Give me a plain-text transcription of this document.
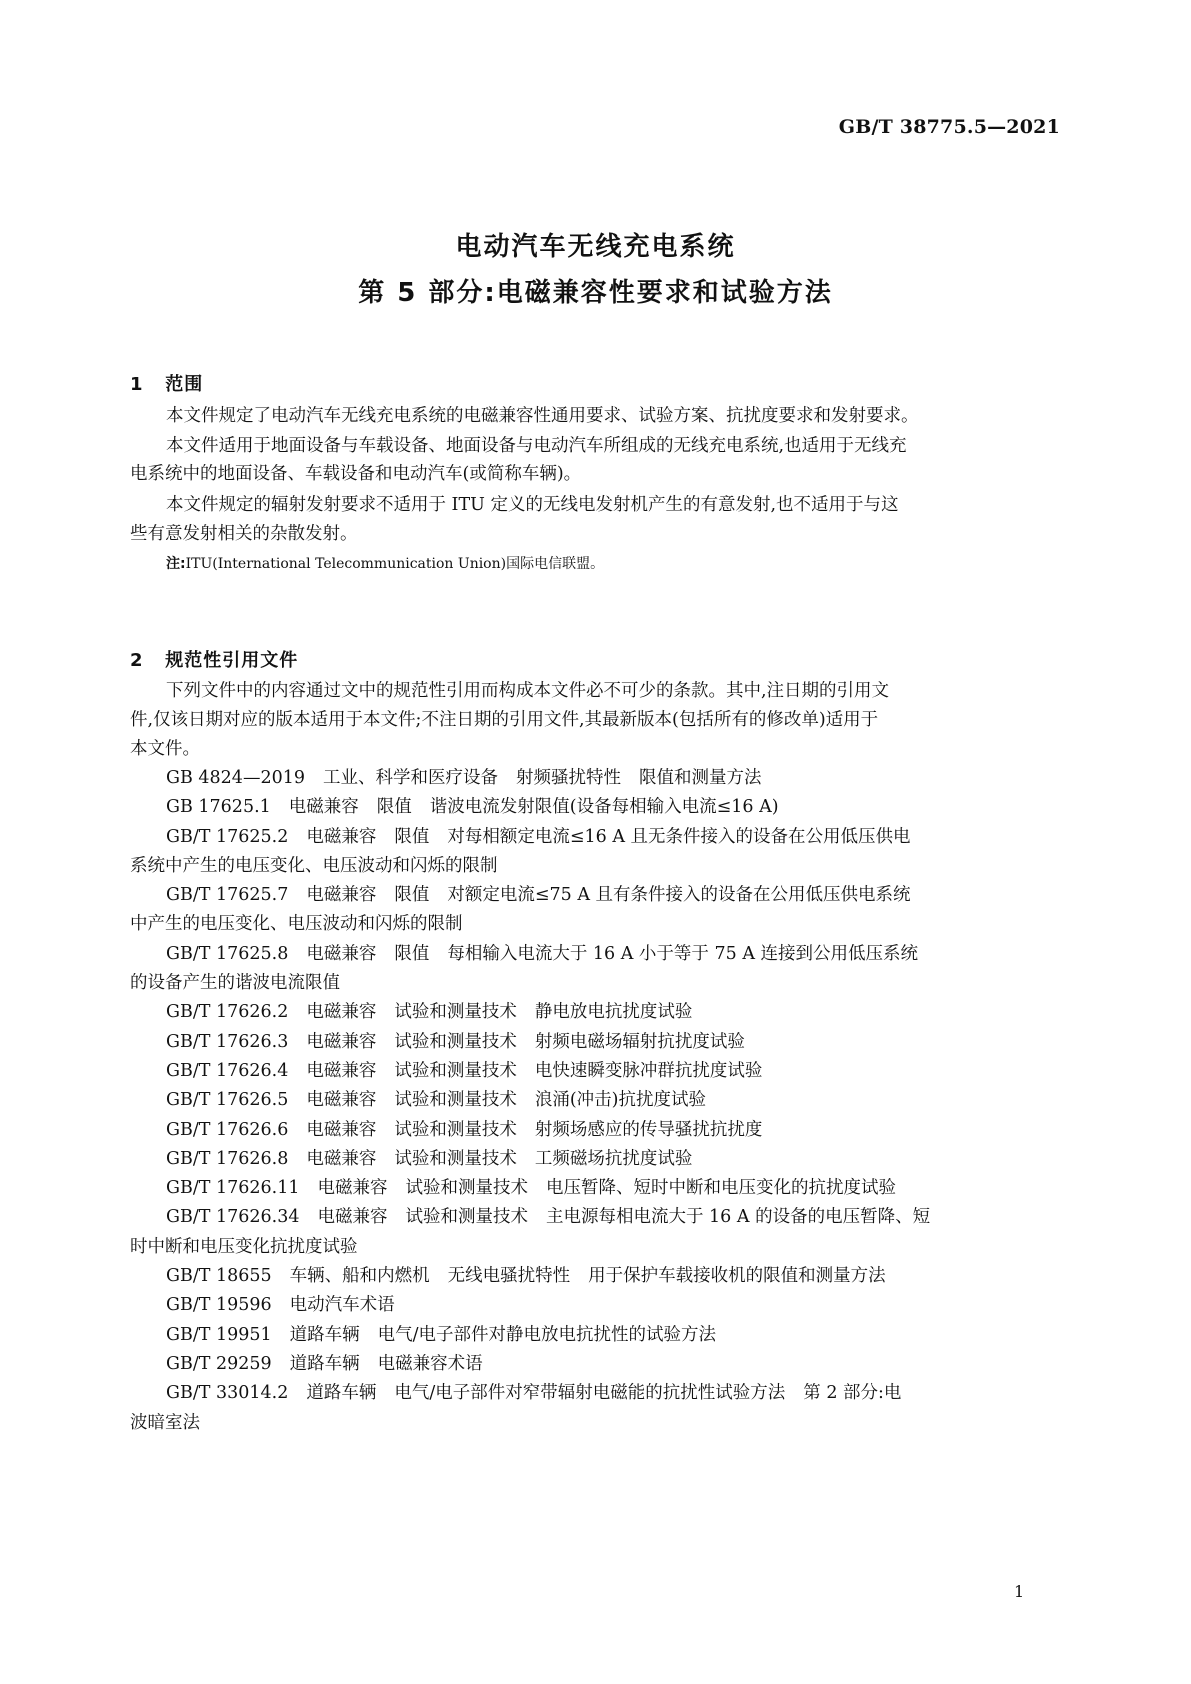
GB/T 38775.5—2021
电动汽车无线充电系统
第 5 部分:电磁兼容性要求和试验方法
1 范围
本文件规定了电动汽车无线充电系统的电磁兼容性通用要求、试验方案、抗扰度要求和发射要求。
本文件适用于地面设备与车载设备、地面设备与电动汽车所组成的无线充电系统,也适用于无线充
电系统中的地面设备、车载设备和电动汽车(或简称车辆)。
本文件规定的辐射发射要求不适用于 ITU 定义的无线电发射机产生的有意发射,也不适用于与这
些有意发射相关的杂散发射。
注:ITU(International Telecommunication Union)国际电信联盟。
2 规范性引用文件
下列文件中的内容通过文中的规范性引用而构成本文件必不可少的条款。其中,注日期的引用文
件,仅该日期对应的版本适用于本文件;不注日期的引用文件,其最新版本(包括所有的修改单)适用于
本文件。
GB 4824—2019 工业、科学和医疗设备 射频骚扰特性 限值和测量方法
GB 17625.1 电磁兼容 限值 谐波电流发射限值(设备每相输入电流≤16 A)
GB/T 17625.2 电磁兼容 限值 对每相额定电流≤16 A 且无条件接入的设备在公用低压供电
系统中产生的电压变化、电压波动和闪烁的限制
GB/T 17625.7 电磁兼容 限值 对额定电流≤75 A 且有条件接入的设备在公用低压供电系统
中产生的电压变化、电压波动和闪烁的限制
GB/T 17625.8 电磁兼容 限值 每相输入电流大于 16 A 小于等于 75 A 连接到公用低压系统
的设备产生的谐波电流限值
GB/T 17626.2 电磁兼容 试验和测量技术 静电放电抗扰度试验
GB/T 17626.3 电磁兼容 试验和测量技术 射频电磁场辐射抗扰度试验
GB/T 17626.4 电磁兼容 试验和测量技术 电快速瞬变脉冲群抗扰度试验
GB/T 17626.5 电磁兼容 试验和测量技术 浪涌(冲击)抗扰度试验
GB/T 17626.6 电磁兼容 试验和测量技术 射频场感应的传导骚扰抗扰度
GB/T 17626.8 电磁兼容 试验和测量技术 工频磁场抗扰度试验
GB/T 17626.11 电磁兼容 试验和测量技术 电压暂降、短时中断和电压变化的抗扰度试验
GB/T 17626.34 电磁兼容 试验和测量技术 主电源每相电流大于 16 A 的设备的电压暂降、短
时中断和电压变化抗扰度试验
GB/T 18655 车辆、船和内燃机 无线电骚扰特性 用于保护车载接收机的限值和测量方法
GB/T 19596 电动汽车术语
GB/T 19951 道路车辆 电气/电子部件对静电放电抗扰性的试验方法
GB/T 29259 道路车辆 电磁兼容术语
GB/T 33014.2 道路车辆 电气/电子部件对窄带辐射电磁能的抗扰性试验方法 第 2 部分:电
波暗室法
1
